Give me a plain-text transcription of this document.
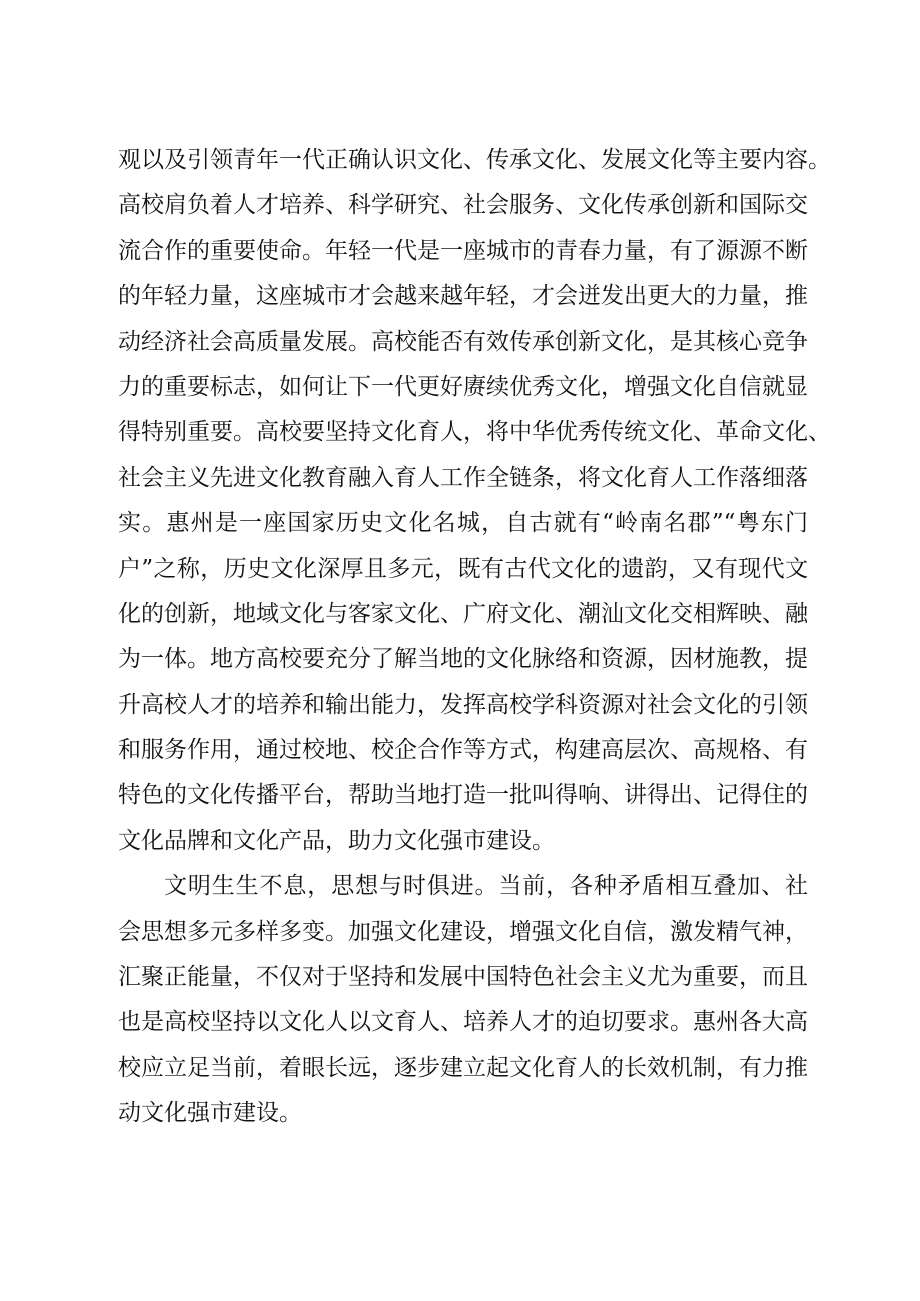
观以及引领青年一代正确认识文化、传承文化、发展文化等主要内容。
高校肩负着人才培养、科学研究、社会服务、文化传承创新和国际交
流合作的重要使命。年轻一代是一座城市的青春力量，有了源源不断
的年轻力量，这座城市才会越来越年轻，才会迸发出更大的力量，推
动经济社会高质量发展。高校能否有效传承创新文化，是其核心竞争
力的重要标志，如何让下一代更好赓续优秀文化，增强文化自信就显
得特别重要。高校要坚持文化育人，将中华优秀传统文化、革命文化、
社会主义先进文化教育融入育人工作全链条，将文化育人工作落细落
实。惠州是一座国家历史文化名城，自古就有“岭南名郡”“粤东门
户”之称，历史文化深厚且多元，既有古代文化的遗韵，又有现代文
化的创新，地域文化与客家文化、广府文化、潮汕文化交相辉映、融
为一体。地方高校要充分了解当地的文化脉络和资源，因材施教，提
升高校人才的培养和输出能力，发挥高校学科资源对社会文化的引领
和服务作用，通过校地、校企合作等方式，构建高层次、高规格、有
特色的文化传播平台，帮助当地打造一批叫得响、讲得出、记得住的
文化品牌和文化产品，助力文化强市建设。
文明生生不息，思想与时俱进。当前，各种矛盾相互叠加、社
会思想多元多样多变。加强文化建设，增强文化自信，激发精气神，
汇聚正能量，不仅对于坚持和发展中国特色社会主义尤为重要，而且
也是高校坚持以文化人以文育人、培养人才的迫切要求。惠州各大高
校应立足当前，着眼长远，逐步建立起文化育人的长效机制，有力推
动文化强市建设。
